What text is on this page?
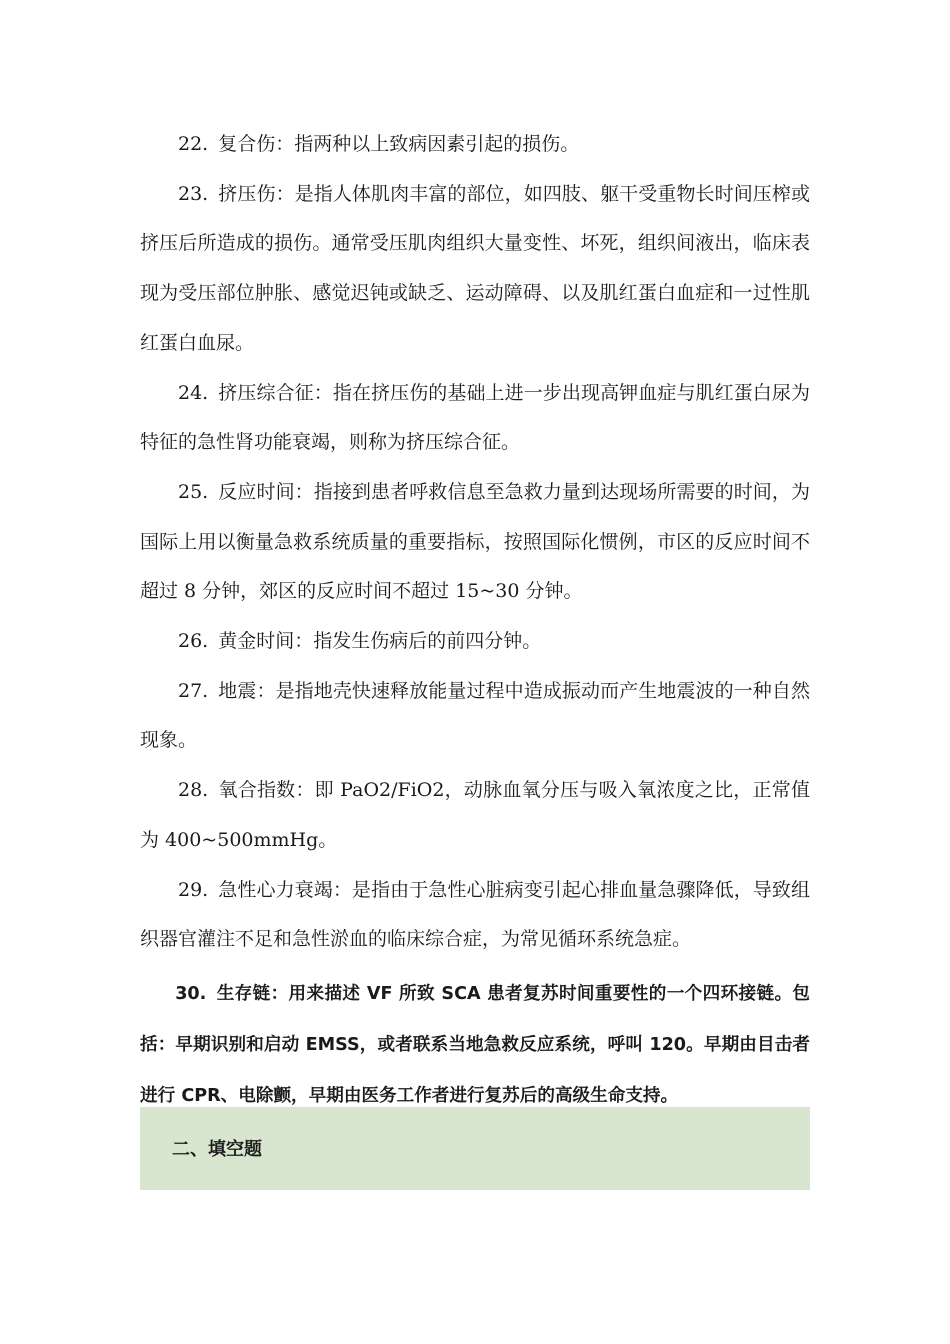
22. 复合伤：指两种以上致病因素引起的损伤。

23. 挤压伤：是指人体肌肉丰富的部位，如四肢、躯干受重物长时间压榨或挤压后所造成的损伤。通常受压肌肉组织大量变性、坏死，组织间液出，临床表现为受压部位肿胀、感觉迟钝或缺乏、运动障碍、以及肌红蛋白血症和一过性肌红蛋白血尿。

24. 挤压综合征：指在挤压伤的基础上进一步出现高钾血症与肌红蛋白尿为特征的急性肾功能衰竭，则称为挤压综合征。

25. 反应时间：指接到患者呼救信息至急救力量到达现场所需要的时间，为国际上用以衡量急救系统质量的重要指标，按照国际化惯例，市区的反应时间不超过 8 分钟，郊区的反应时间不超过 15~30 分钟。

26. 黄金时间：指发生伤病后的前四分钟。

27. 地震：是指地壳快速释放能量过程中造成振动而产生地震波的一种自然现象。

28. 氧合指数：即 PaO2/FiO2，动脉血氧分压与吸入氧浓度之比，正常值为 400~500mmHg。

29. 急性心力衰竭：是指由于急性心脏病变引起心排血量急骤降低，导致组织器官灌注不足和急性淤血的临床综合症，为常见循环系统急症。

30. 生存链：用来描述 VF 所致 SCA 患者复苏时间重要性的一个四环接链。包括：早期识别和启动 EMSS，或者联系当地急救反应系统，呼叫 120。早期由目击者进行 CPR、电除颤，早期由医务工作者进行复苏后的高级生命支持。

二、填空题
